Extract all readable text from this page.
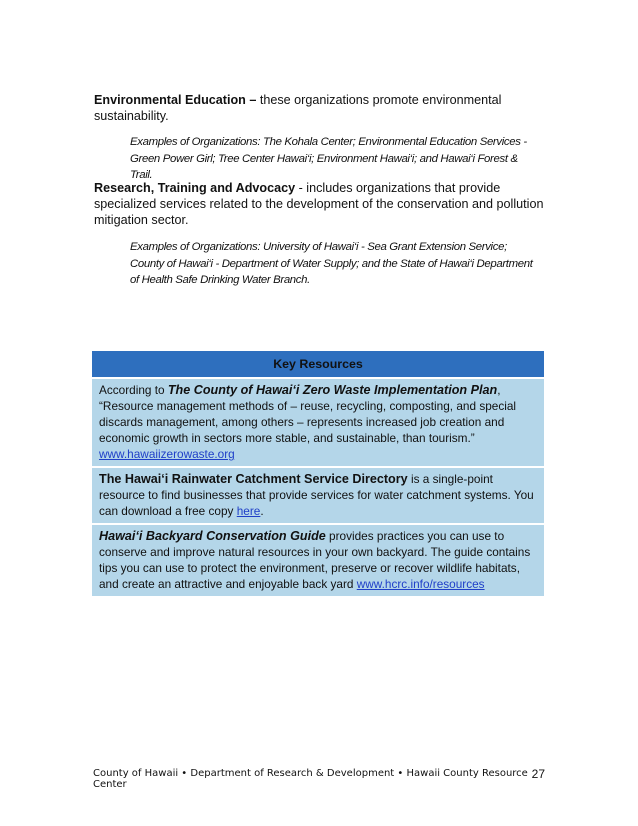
Environmental Education – these organizations promote environmental sustainability.
Examples of Organizations: The Kohala Center; Environmental Education Services - Green Power Girl; Tree Center Hawai‘i; Environment Hawai‘i; and Hawai‘i Forest & Trail.
Research, Training and Advocacy - includes organizations that provide specialized services related to the development of the conservation and pollution mitigation sector.
Examples of Organizations: University of Hawai‘i - Sea Grant Extension Service; County of Hawai‘i - Department of Water Supply; and the State of Hawai‘i Department of Health Safe Drinking Water Branch.
Key Resources
According to The County of Hawai‘i Zero Waste Implementation Plan, “Resource management methods of – reuse, recycling, composting, and special discards management, among others – represents increased job creation and economic growth in sectors more stable, and sustainable, than tourism.” www.hawaiizerowaste.org
The Hawai‘i Rainwater Catchment Service Directory is a single-point resource to find businesses that provide services for water catchment systems. You can download a free copy here.
Hawai‘i Backyard Conservation Guide provides practices you can use to conserve and improve natural resources in your own backyard. The guide contains tips you can use to protect the environment, preserve or recover wildlife habitats, and create an attractive and enjoyable back yard www.hcrc.info/resources
County of Hawaii • Department of Research & Development • Hawaii County Resource Center
27
